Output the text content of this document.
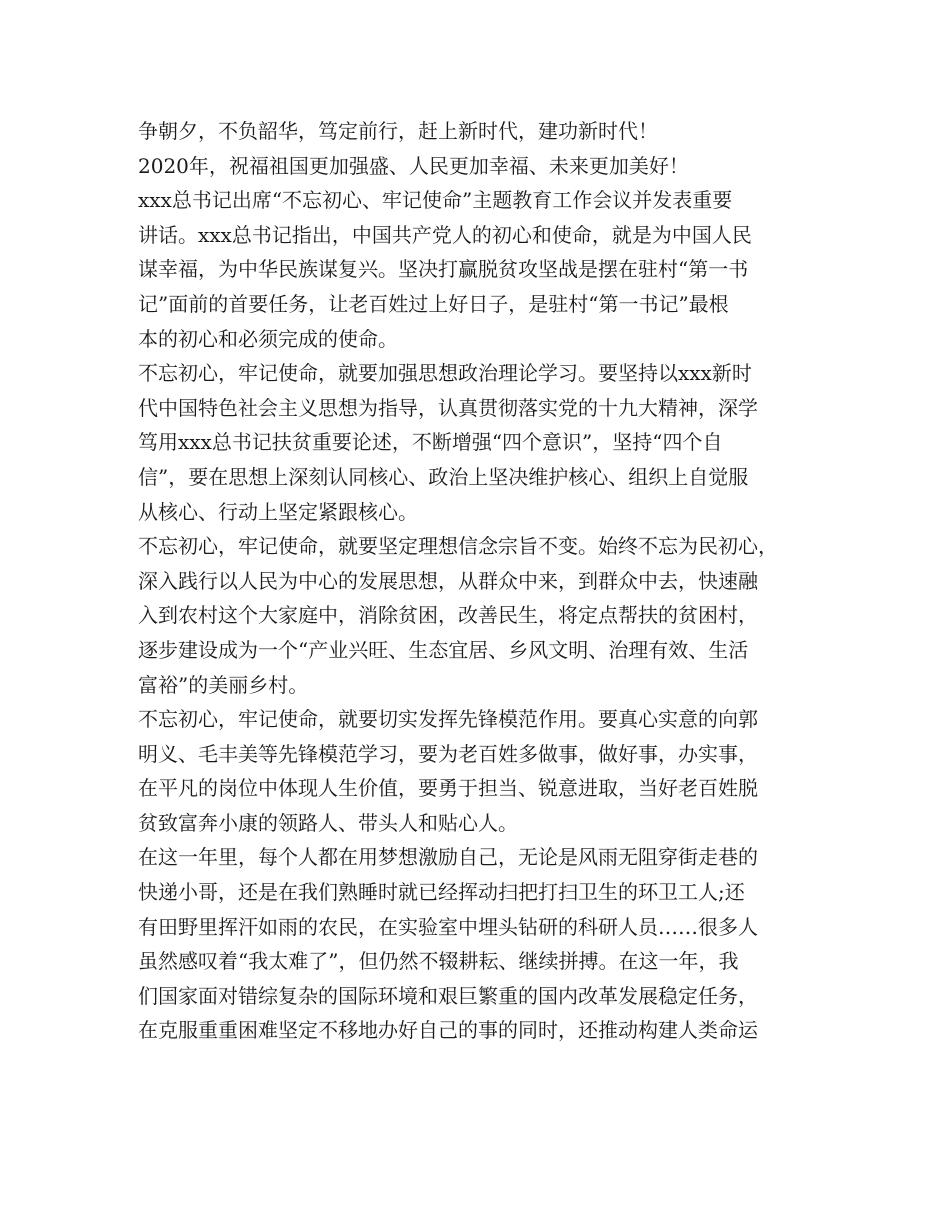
争朝夕，不负韶华，笃定前行，赶上新时代，建功新时代！
2020年，祝福祖国更加强盛、人民更加幸福、未来更加美好！
xxx总书记出席“不忘初心、牢记使命”主题教育工作会议并发表重要
讲话。xxx总书记指出，中国共产党人的初心和使命，就是为中国人民
谋幸福，为中华民族谋复兴。坚决打赢脱贫攻坚战是摆在驻村“第一书
记”面前的首要任务，让老百姓过上好日子，是驻村“第一书记”最根
本的初心和必须完成的使命。
不忘初心，牢记使命，就要加强思想政治理论学习。要坚持以xxx新时
代中国特色社会主义思想为指导，认真贯彻落实党的十九大精神，深学
笃用xxx总书记扶贫重要论述，不断增强“四个意识”，坚持“四个自
信”，要在思想上深刻认同核心、政治上坚决维护核心、组织上自觉服
从核心、行动上坚定紧跟核心。
不忘初心，牢记使命，就要坚定理想信念宗旨不变。始终不忘为民初心，
深入践行以人民为中心的发展思想，从群众中来，到群众中去，快速融
入到农村这个大家庭中，消除贫困，改善民生，将定点帮扶的贫困村，
逐步建设成为一个“产业兴旺、生态宜居、乡风文明、治理有效、生活
富裕”的美丽乡村。
不忘初心，牢记使命，就要切实发挥先锋模范作用。要真心实意的向郭
明义、毛丰美等先锋模范学习，要为老百姓多做事，做好事，办实事，
在平凡的岗位中体现人生价值，要勇于担当、锐意进取，当好老百姓脱
贫致富奔小康的领路人、带头人和贴心人。
在这一年里，每个人都在用梦想激励自己，无论是风雨无阻穿街走巷的
快递小哥，还是在我们熟睡时就已经挥动扫把打扫卫生的环卫工人;还
有田野里挥汗如雨的农民，在实验室中埋头钻研的科研人员……很多人
虽然感叹着“我太难了”，但仍然不辍耕耘、继续拼搏。在这一年，我
们国家面对错综复杂的国际环境和艰巨繁重的国内改革发展稳定任务，
在克服重重困难坚定不移地办好自己的事的同时，还推动构建人类命运
